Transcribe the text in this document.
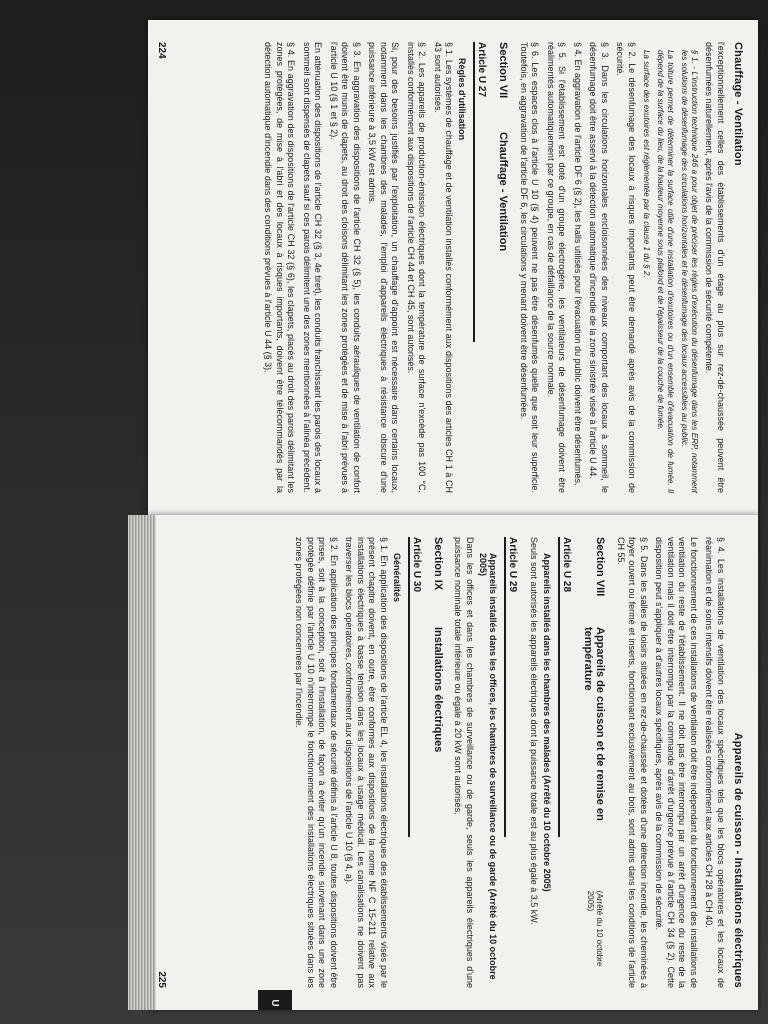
Chauffage - Ventilation

l'exceptionnellement celles des établissements d'un étage au plus sur rez-de-chaussée peuvent être désenfumées naturellement, après l'avis de la commission de sécurité compétente.

§ 1. - L'instruction technique 246 a pour objet de préciser les règles d'exécution du désenfumage dans les ERP, notamment les solutions de désenfumage des circulations horizontales et le désenfumage des locaux accessibles au public.

La toiture permet de déterminer la surface utile d'une installation d'exutoires ou d'un ensemble d'évacuation de fumée. Il dépend de la surface du lieu, de la hauteur moyenne sous plafond et de l'épaisseur de la couche de fumée.

La surface des exutoires est réglementée par la clause 1 du § 2.

§ 2. Le désenfumage des locaux à risques importants peut être demandé après avis de la commission de sécurité.

§ 3. Dans les circulations horizontales encloisonnées des niveaux comportant des locaux à sommeil, le désenfumage doit être asservi à la détection automatique d'incendie de la zone sinistrée visée à l'article U 44.

§ 4. En aggravation de l'article DF 6 (§ 2), les halls utilisés pour l'évacuation du public doivent être désenfumés.

§ 5. Si l'établissement est doté d'un groupe électrogène, les ventilateurs de désenfumage doivent être réalimentés automatiquement par ce groupe, en cas de défaillance de la source normale.

§ 6. Les espaces clos à l'article U 10 (§ 4) peuvent ne pas être désenfumés quelle que soit leur superficie. Toutefois, en aggravation de l'article DF 6, les circulations y menant doivent être désenfumées.

Section VII
Chauffage - Ventilation
Article U 27
Règles d'utilisation

§ 1. Les systèmes de chauffage et de ventilation installés conformément aux dispositions des articles CH 1 à CH 43 sont autorisés.

§ 2. Les appareils de production-émission électriques dont la température de surface n'excède pas 100 °C, installés conformément aux dispositions de l'article CH 44 et CH 45, sont autorisés.

Si, pour des besoins justifiés par l'exploitation, un chauffage d'appoint est nécessaire dans certains locaux, notamment dans les chambres des malades, l'emploi d'appareils électriques à résistance obscure d'une puissance inférieure à 3,5 kW est admis.

§ 3. En aggravation des dispositions de l'article CH 32 (§ 5), les conduits aérauliques de ventilation de confort doivent être munis de clapets, au droit des cloisons délimitant les zones protégées et de mise à l'abri prévues à l'article U 10 (§ 1 et § 2).

En atténuation des dispositions de l'article CH 32 (§ 3, 4e tiret), les conduits franchissant les parois des locaux à sommeil sont dispensés de clapets sauf si ces parois délimitent une des zones mentionnées à l'alinéa précédent.

§ 4. En aggravation des dispositions de l'article CH 32 (§ 6), les clapets, placés au droit des parois délimitant les zones protégées, de mise à l'abri et des locaux à risques importants, doivent être télécommandés par la détection automatique d'incendie dans des conditions prévues à l'article U 44 (§ 3).

224
Appareils de cuisson - Installations électriques

§ 4. Les installations de ventilation des locaux spécifiques tels que les blocs opératoires et les locaux de réanimation et de soins intensifs doivent être réalisées conformément aux articles CH 28 à CH 40.

Le fonctionnement de ces installations de ventilation doit être indépendant du fonctionnement des installations de ventilation du reste de l'établissement. Il ne doit pas être interrompu par un arrêt d'urgence du reste de la ventilation mais il doit être interrompu par la commande d'arrêt d'urgence prévue à l'article CH 34 (§ 2). Cette disposition peut s'appliquer à d'autres locaux spécifiques, après avis de la commission de sécurité.

§ 5. Dans les salles de loisirs situées en rez-de-chaussée et dotées d'une détection incendie, les cheminées à foyer ouvert ou fermé et inserts, fonctionnant exclusivement au bois, sont admis dans les conditions de l'article CH 55.

Section VIII
Appareils de cuisson et de remise en température
(Arrêté du 10 octobre 2005)
Article U 28
Appareils installés dans les chambres des malades (Arrêté du 10 octobre 2005)

Seuls sont autorisés les appareils électriques dont la puissance totale est au plus égale à 3,5 kW.

Article U 29
Appareils installés dans les offices, les chambres de surveillance ou de garde (Arrêté du 10 octobre 2005)

Dans les offices et dans les chambres de surveillance ou de garde, seuls les appareils électriques d'une puissance nominale totale inférieure ou égale à 20 kW sont autorisés.

Section IX
Installations électriques
Article U 30
Généralités

§ 1. En application des dispositions de l'article EL 4, les installations électriques des établissements visés par le présent chapitre doivent, en outre, être conformes aux dispositions de la norme NF C 15-211 relative aux installations électriques à basse tension dans les locaux à usage médical. Les canalisations ne doivent pas traverser les blocs opératoires, conformément aux dispositions de l'article U 10 (§ 4, a).

§ 2. En application des principes fondamentaux de sécurité définis à l'article U 8, toutes dispositions doivent être prises, soit à la conception, soit à l'installation, de façon à éviter qu'un incendie survenant dans une zone protégée définie par l'article U 10 n'interrompe le fonctionnement des installations électriques situées dans les zones protégées non concernées par l'incendie.

U
225
